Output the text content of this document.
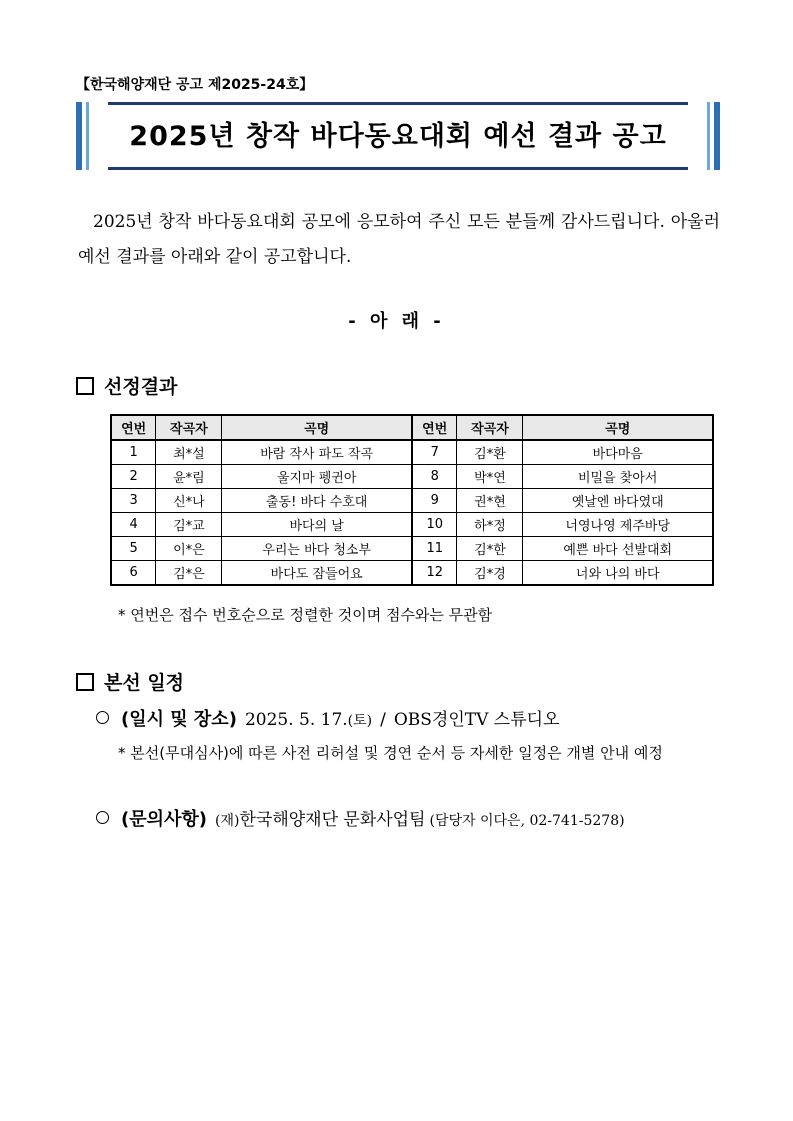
【한국해양재단 공고 제2025-24호】
2025년 창작 바다동요대회 예선 결과 공고
2025년 창작 바다동요대회 공모에 응모하여 주신 모든 분들께 감사드립니다. 아울러 예선 결과를 아래와 같이 공고합니다.
- 아 래 -
선정결과
연번	작곡자	곡명	연번	작곡자	곡명
1	최*설	바람 작사 파도 작곡	7	김*환	바다마음
2	윤*림	울지마 펭귄아	8	박*연	비밀을 찾아서
3	신*나	출동! 바다 수호대	9	권*현	옛날엔 바다였대
4	김*교	바다의 날	10	하*정	너영나영 제주바당
5	이*은	우리는 바다 청소부	11	김*한	예쁜 바다 선발대회
6	김*은	바다도 잠들어요	12	김*경	너와 나의 바다
* 연번은 접수 번호순으로 정렬한 것이며 점수와는 무관함
본선 일정
(일시 및 장소) 2025. 5. 17. (토) / OBS경인TV 스튜디오
* 본선(무대심사)에 따른 사전 리허설 및 경연 순서 등 자세한 일정은 개별 안내 예정
(문의사항) (재) 한국해양재단 문화사업팀 (담당자 이다은, 02-741-5278)
